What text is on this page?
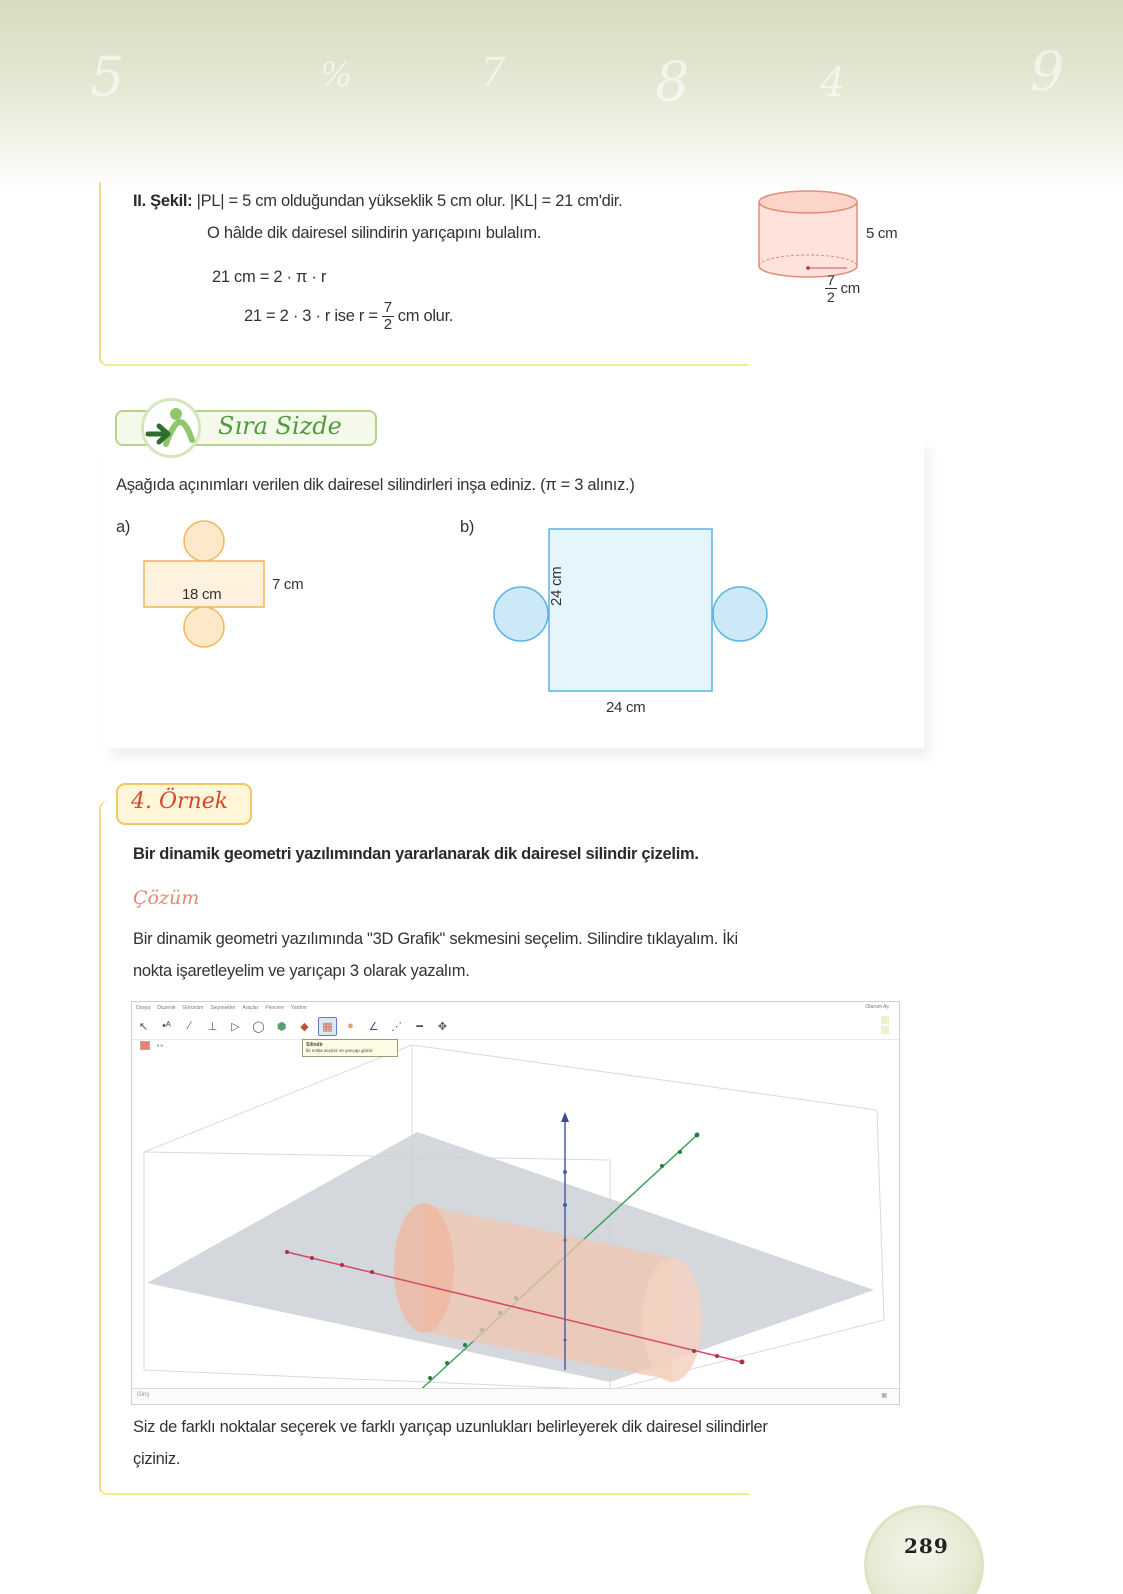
5	%	7	8	4	9
II. Şekil: |PL| = 5 cm olduğundan yükseklik 5 cm olur. |KL| = 21 cm'dir.
O hâlde dik dairesel silindirin yarıçapını bulalım.
21 cm = 2 · π · r
21 = 2 · 3 · r ise $r = \frac{7}{2}$ cm olur.
5 cm
$\frac{7}{2}$ cm
Sıra Sizde
Aşağıda açınımları verilen dik dairesel silindirleri inşa ediniz. (π = 3 alınız.)
a)
18 cm
7 cm
b)
24 cm
24 cm
4. Örnek
Bir dinamik geometri yazılımından yararlanarak dik dairesel silindir çizelim.
Çözüm
Bir dinamik geometri yazılımında "3D Grafik" sekmesini seçelim. Silindire tıklayalım. İki
nokta işaretleyelim ve yarıçapı 3 olarak yazalım.
Dosya Düzenle Görünüm Seçenekler Araçlar Pencere Yardım	Oturum Aç
↖	•ᴬ	⁄	⊥	▷	◯	⬢	◆	▦	●	∠	⋰	━	✥
◂ ▸	Silindir
İki nokta seçiniz ve yarıçap giriniz
Giriş	▦
Siz de farklı noktalar seçerek ve farklı yarıçap uzunlukları belirleyerek dik dairesel silindirler
çiziniz.
289
